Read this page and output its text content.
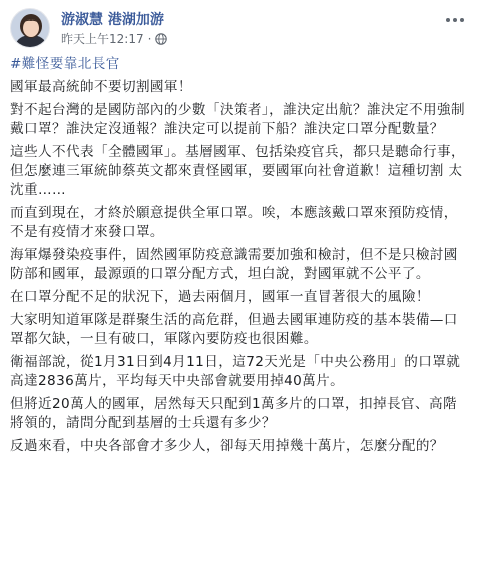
游淑慧 港湖加游
昨天上午12:17 ·

#難怪要靠北長官

國軍最高統帥不要切割國軍！

對不起台灣的是國防部內的少數「決策者」，誰決定出航？誰決定不用強制戴口罩？誰決定沒通報？誰決定可以提前下船？誰決定口罩分配數量？

這些人不代表「全體國軍」。基層國軍、包括染疫官兵，都只是聽命行事，但怎麼連三軍統帥蔡英文都來責怪國軍，要國軍向社會道歉！這種切割 太沈重……

而直到現在，才終於願意提供全軍口罩。唉，本應該戴口罩來預防疫情，不是有疫情才來發口罩。

海軍爆發染疫事件，固然國軍防疫意識需要加強和檢討，但不是只檢討國防部和國軍，最源頭的口罩分配方式，坦白說，對國軍就不公平了。

在口罩分配不足的狀況下，過去兩個月，國軍一直冒著很大的風險！

大家明知道軍隊是群聚生活的高危群，但過去國軍連防疫的基本裝備—口罩都欠缺，一旦有破口，軍隊內要防疫也很困難。

衛福部說，從1月31日到4月11日，這72天光是「中央公務用」的口罩就高達2836萬片，平均每天中央部會就要用掉40萬片。

但將近20萬人的國軍，居然每天只配到1萬多片的口罩，扣掉長官、高階將領的，請問分配到基層的士兵還有多少？

反過來看，中央各部會才多少人，卻每天用掉幾十萬片，怎麼分配的？
